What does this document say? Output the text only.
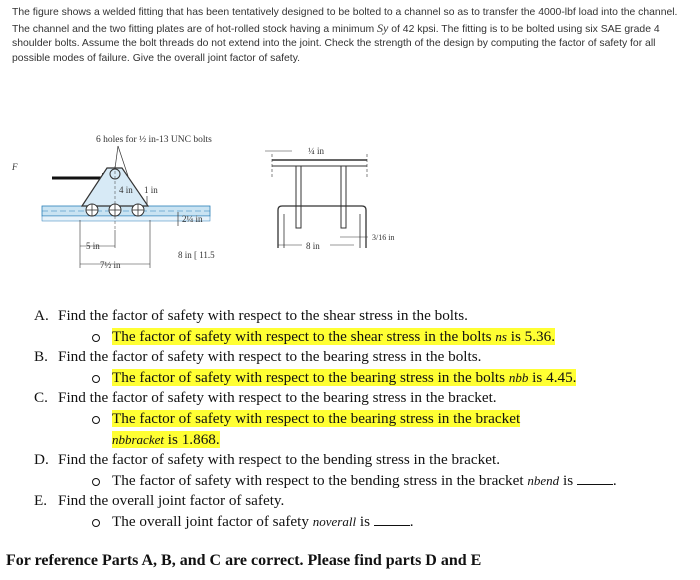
The figure shows a welded fitting that has been tentatively designed to be bolted to a channel so as to transfer the 4000-lbf load into the channel. The channel and the two fitting plates are of hot-rolled stock having a minimum Sy of 42 kpsi. The fitting is to be bolted using six SAE grade 4 shoulder bolts. Assume the bolt threads do not extend into the joint. Check the strength of the design by computing the factor of safety for all possible modes of failure. Give the overall joint factor of safety.

F
6 holes for ½ in-13 UNC bolts
4 in 1 in
2¼ in
5 in
7½ in
8 in [ 11.5
¼ in
8 in
3/16 in
A. Find the factor of safety with respect to the shear stress in the bolts.
The factor of safety with respect to the shear stress in the bolts ns is 5.36.
B. Find the factor of safety with respect to the bearing stress in the bolts.
The factor of safety with respect to the bearing stress in the bolts nbb is 4.45.
C. Find the factor of safety with respect to the bearing stress in the bracket.
The factor of safety with respect to the bearing stress in the bracket
nbbracket is 1.868.
D. Find the factor of safety with respect to the bending stress in the bracket.
The factor of safety with respect to the bending stress in the bracket nbend is	.
E. Find the overall joint factor of safety.
The overall joint factor of safety noverall is	.
For reference Parts A, B, and C are correct. Please find parts D and E
